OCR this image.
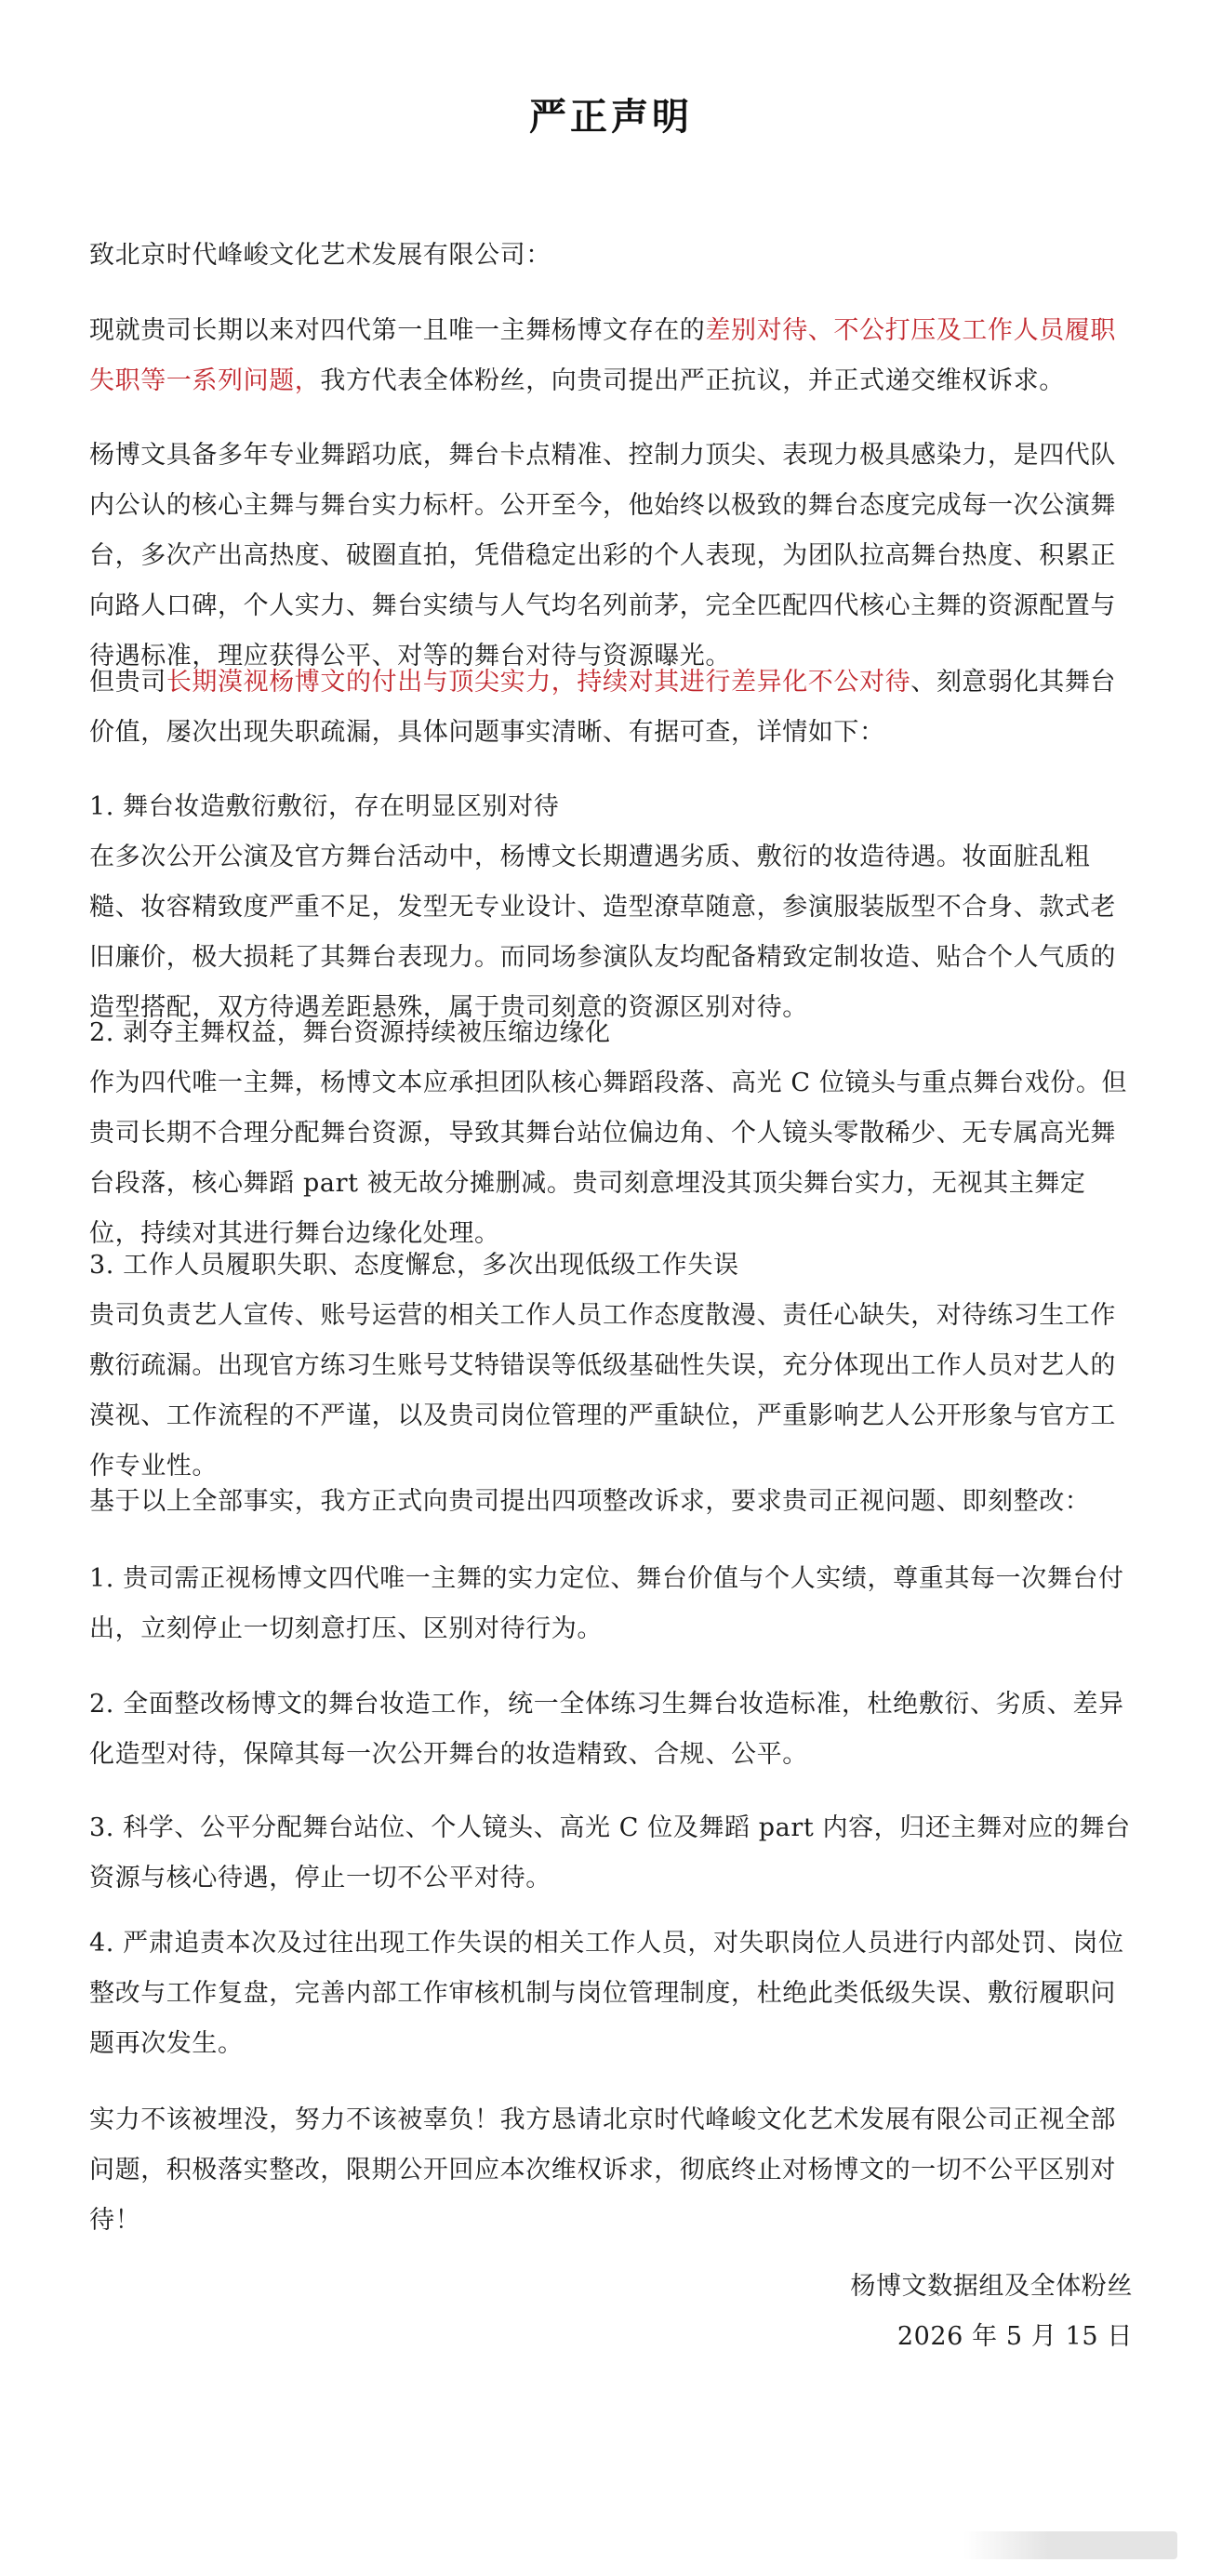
严正声明

致北京时代峰峻文化艺术发展有限公司：

现就贵司长期以来对四代第一且唯一主舞杨博文存在的差别对待、不公打压及工作人员履职失职等一系列问题，我方代表全体粉丝，向贵司提出严正抗议，并正式递交维权诉求。

杨博文具备多年专业舞蹈功底，舞台卡点精准、控制力顶尖、表现力极具感染力，是四代队内公认的核心主舞与舞台实力标杆。公开至今，他始终以极致的舞台态度完成每一次公演舞台，多次产出高热度、破圈直拍，凭借稳定出彩的个人表现，为团队拉高舞台热度、积累正向路人口碑，个人实力、舞台实绩与人气均名列前茅，完全匹配四代核心主舞的资源配置与待遇标准，理应获得公平、对等的舞台对待与资源曝光。

但贵司长期漠视杨博文的付出与顶尖实力，持续对其进行差异化不公对待、刻意弱化其舞台价值，屡次出现失职疏漏，具体问题事实清晰、有据可查，详情如下：

1. 舞台妆造敷衍敷衍，存在明显区别对待
在多次公开公演及官方舞台活动中，杨博文长期遭遇劣质、敷衍的妆造待遇。妆面脏乱粗糙、妆容精致度严重不足，发型无专业设计、造型潦草随意，参演服装版型不合身、款式老旧廉价，极大损耗了其舞台表现力。而同场参演队友均配备精致定制妆造、贴合个人气质的造型搭配，双方待遇差距悬殊，属于贵司刻意的资源区别对待。
2. 剥夺主舞权益，舞台资源持续被压缩边缘化
作为四代唯一主舞，杨博文本应承担团队核心舞蹈段落、高光 C 位镜头与重点舞台戏份。但贵司长期不合理分配舞台资源，导致其舞台站位偏边角、个人镜头零散稀少、无专属高光舞台段落，核心舞蹈 part 被无故分摊删减。贵司刻意埋没其顶尖舞台实力，无视其主舞定位，持续对其进行舞台边缘化处理。
3. 工作人员履职失职、态度懈怠，多次出现低级工作失误
贵司负责艺人宣传、账号运营的相关工作人员工作态度散漫、责任心缺失，对待练习生工作敷衍疏漏。出现官方练习生账号艾特错误等低级基础性失误，充分体现出工作人员对艺人的漠视、工作流程的不严谨，以及贵司岗位管理的严重缺位，严重影响艺人公开形象与官方工作专业性。

基于以上全部事实，我方正式向贵司提出四项整改诉求，要求贵司正视问题、即刻整改：

1. 贵司需正视杨博文四代唯一主舞的实力定位、舞台价值与个人实绩，尊重其每一次舞台付出，立刻停止一切刻意打压、区别对待行为。

2. 全面整改杨博文的舞台妆造工作，统一全体练习生舞台妆造标准，杜绝敷衍、劣质、差异化造型对待，保障其每一次公开舞台的妆造精致、合规、公平。

3. 科学、公平分配舞台站位、个人镜头、高光 C 位及舞蹈 part 内容，归还主舞对应的舞台资源与核心待遇，停止一切不公平对待。

4. 严肃追责本次及过往出现工作失误的相关工作人员，对失职岗位人员进行内部处罚、岗位整改与工作复盘，完善内部工作审核机制与岗位管理制度，杜绝此类低级失误、敷衍履职问题再次发生。

实力不该被埋没，努力不该被辜负！我方恳请北京时代峰峻文化艺术发展有限公司正视全部问题，积极落实整改，限期公开回应本次维权诉求，彻底终止对杨博文的一切不公平区别对待！

杨博文数据组及全体粉丝
2026 年 5 月 15 日
